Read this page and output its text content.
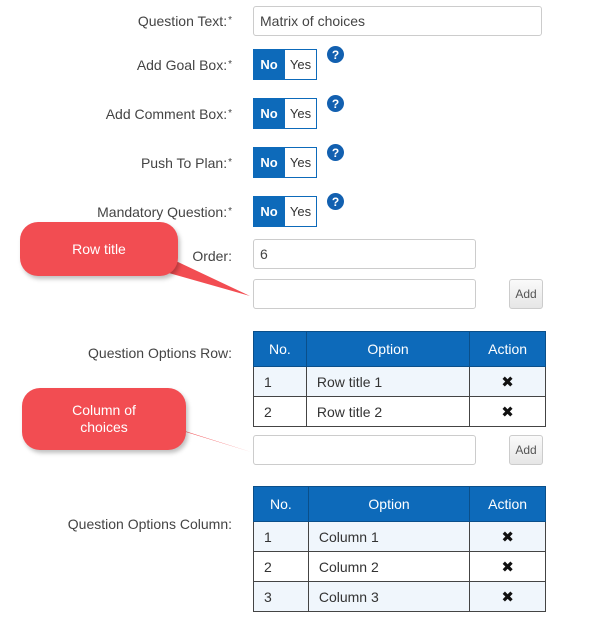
Question Text:*	Matrix of choices
Add Goal Box:*	No Yes
?
Add Comment Box:*	No Yes
?
Push To Plan:*	No Yes
?
Mandatory Question:*	No Yes
?
Order:	6
Add
Question Options Row:	No.	Option	Action
1	Row title 1	✖
2	Row title 2	✖
Add
Question Options Column:
No.	Option	Action
1	Column 1	✖
2	Column 2	✖
3	Column 3	✖
Row title
Column of
choices
